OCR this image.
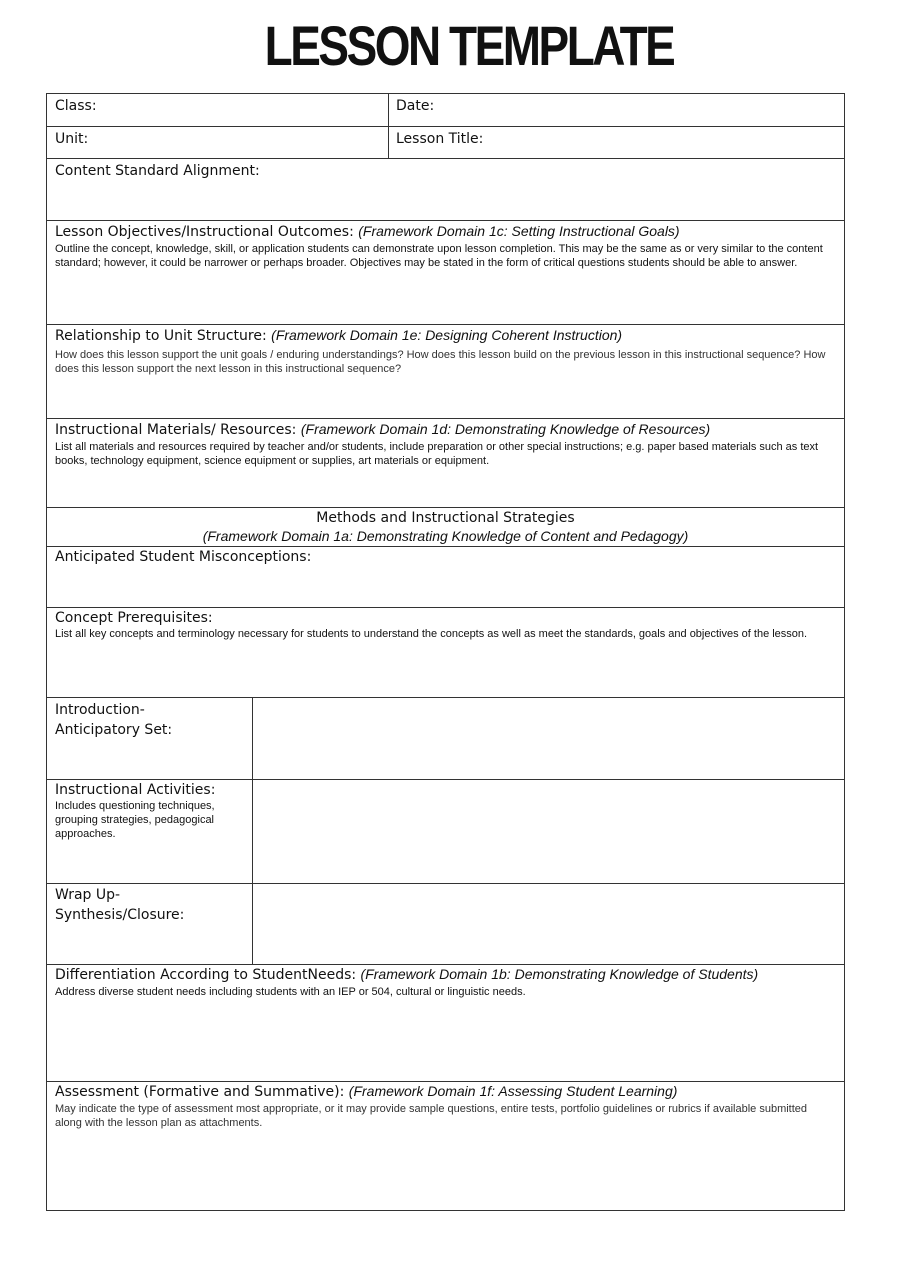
LESSON TEMPLATE
Class:	Date:
Unit:	Lesson Title:
Content Standard Alignment:
Lesson Objectives/Instructional Outcomes: (Framework Domain 1c: Setting Instructional Goals)
Outline the concept, knowledge, skill, or application students can demonstrate upon lesson completion. This may be the same as or very similar to the content standard; however, it could be narrower or perhaps broader. Objectives may be stated in the form of critical questions students should be able to answer.
Relationship to Unit Structure: (Framework Domain 1e: Designing Coherent Instruction)
How does this lesson support the unit goals / enduring understandings? How does this lesson build on the previous lesson in this instructional sequence? How does this lesson support the next lesson in this instructional sequence?
Instructional Materials/ Resources: (Framework Domain 1d: Demonstrating Knowledge of Resources)
List all materials and resources required by teacher and/or students, include preparation or other special instructions; e.g. paper based materials such as text books, technology equipment, science equipment or supplies, art materials or equipment.
Methods and Instructional Strategies
(Framework Domain 1a: Demonstrating Knowledge of Content and Pedagogy)
Anticipated Student Misconceptions:
Concept Prerequisites:
List all key concepts and terminology necessary for students to understand the concepts as well as meet the standards, goals and objectives of the lesson.
Introduction-
Anticipatory Set:
Instructional Activities:
Includes questioning techniques, grouping strategies, pedagogical approaches.
Wrap Up-
Synthesis/Closure:
Differentiation According to StudentNeeds: (Framework Domain 1b: Demonstrating Knowledge of Students)
Address diverse student needs including students with an IEP or 504, cultural or linguistic needs.
Assessment (Formative and Summative): (Framework Domain 1f: Assessing Student Learning)
May indicate the type of assessment most appropriate, or it may provide sample questions, entire tests, portfolio guidelines or rubrics if available submitted along with the lesson plan as attachments.
